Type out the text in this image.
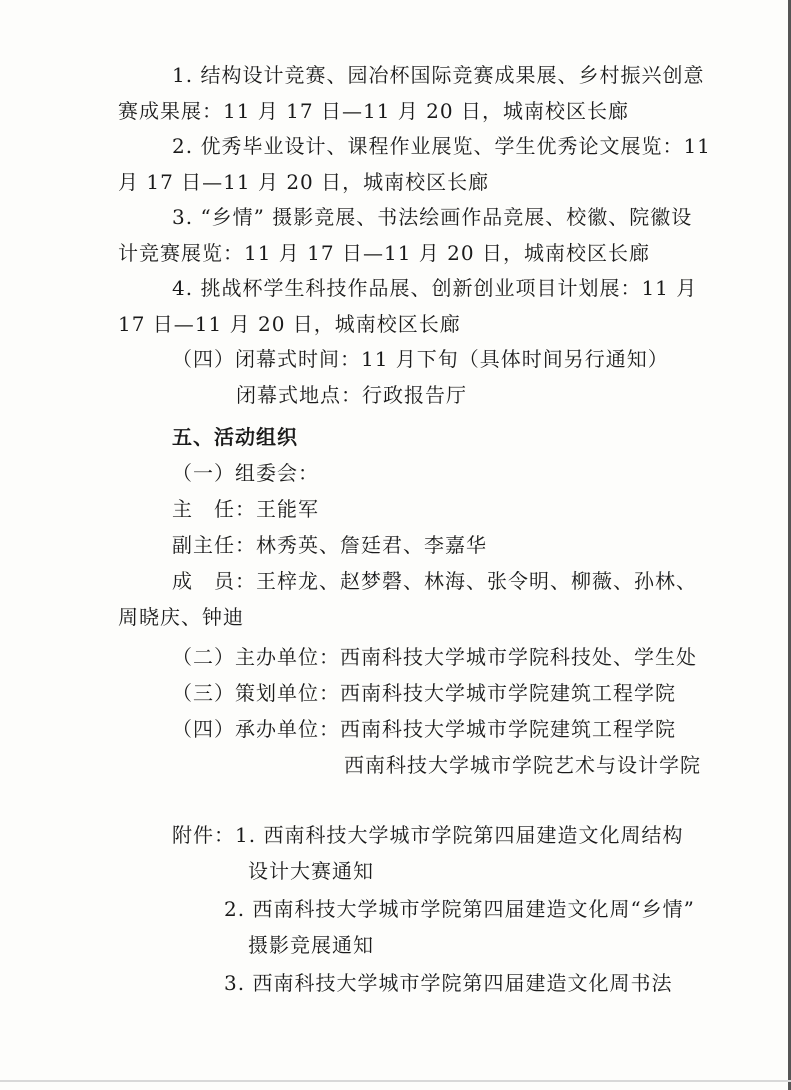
1. 结构设计竞赛、园冶杯国际竞赛成果展、乡村振兴创意
赛成果展：11 月 17 日—11 月 20 日，城南校区长廊
2. 优秀毕业设计、课程作业展览、学生优秀论文展览：11
月 17 日—11 月 20 日，城南校区长廊
3. “乡情” 摄影竞展、书法绘画作品竞展、校徽、院徽设
计竞赛展览：11 月 17 日—11 月 20 日，城南校区长廊
4. 挑战杯学生科技作品展、创新创业项目计划展：11 月
17 日—11 月 20 日，城南校区长廊
（四）闭幕式时间：11 月下旬（具体时间另行通知）
闭幕式地点：行政报告厅
五、活动组织
（一）组委会：
主　任：王能军
副主任：林秀英、詹廷君、李嘉华
成　员：王梓龙、赵梦磬、林海、张令明、柳薇、孙林、
周晓庆、钟迪
（二）主办单位：西南科技大学城市学院科技处、学生处
（三）策划单位：西南科技大学城市学院建筑工程学院
（四）承办单位：西南科技大学城市学院建筑工程学院
西南科技大学城市学院艺术与设计学院
附件：1. 西南科技大学城市学院第四届建造文化周结构
设计大赛通知
2. 西南科技大学城市学院第四届建造文化周“乡情”
摄影竞展通知
3. 西南科技大学城市学院第四届建造文化周书法
